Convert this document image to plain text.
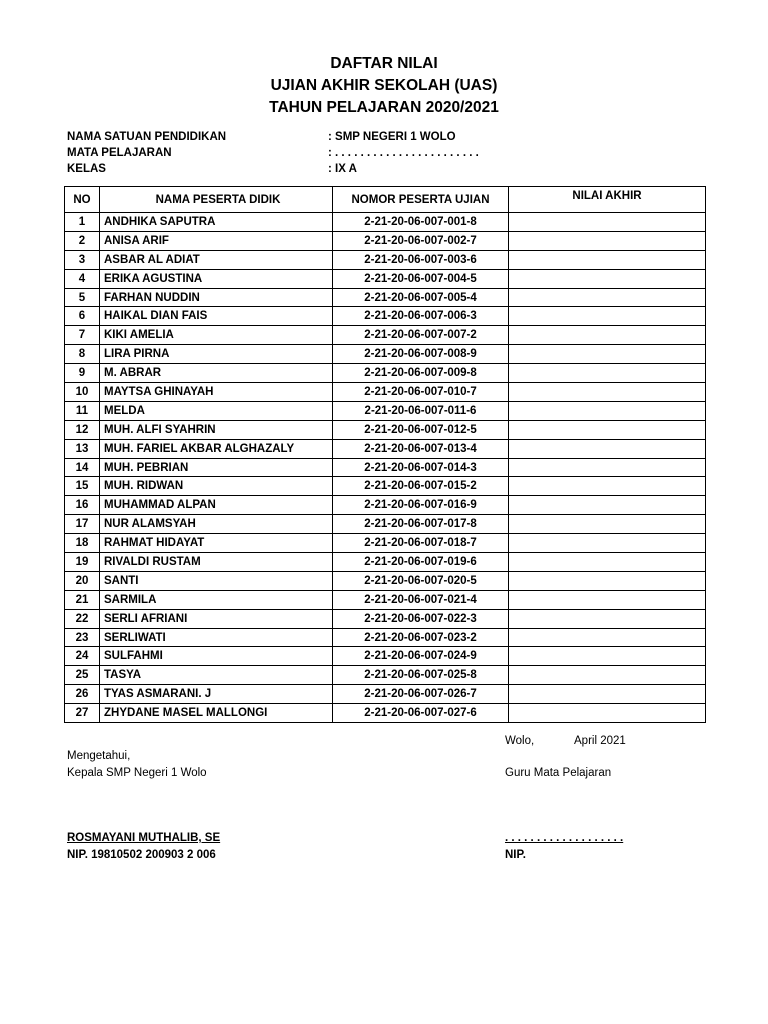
DAFTAR NILAI
UJIAN AKHIR SEKOLAH (UAS)
TAHUN PELAJARAN 2020/2021
NAMA SATUAN PENDIDIKAN	: SMP NEGERI 1 WOLO
MATA PELAJARAN	: . . . . . . . . . . . . . . . . . . . . . . .
KELAS	: IX A
NO	NAMA PESERTA DIDIK	NOMOR PESERTA UJIAN	NILAI AKHIR
1	ANDHIKA SAPUTRA	2-21-20-06-007-001-8	
2	ANISA ARIF	2-21-20-06-007-002-7	
3	ASBAR AL ADIAT	2-21-20-06-007-003-6	
4	ERIKA AGUSTINA	2-21-20-06-007-004-5	
5	FARHAN NUDDIN	2-21-20-06-007-005-4	
6	HAIKAL DIAN FAIS	2-21-20-06-007-006-3	
7	KIKI AMELIA	2-21-20-06-007-007-2	
8	LIRA PIRNA	2-21-20-06-007-008-9	
9	M. ABRAR	2-21-20-06-007-009-8	
10	MAYTSA GHINAYAH	2-21-20-06-007-010-7	
11	MELDA	2-21-20-06-007-011-6	
12	MUH. ALFI SYAHRIN	2-21-20-06-007-012-5	
13	MUH. FARIEL AKBAR ALGHAZALY	2-21-20-06-007-013-4	
14	MUH. PEBRIAN	2-21-20-06-007-014-3	
15	MUH. RIDWAN	2-21-20-06-007-015-2	
16	MUHAMMAD ALPAN	2-21-20-06-007-016-9	
17	NUR ALAMSYAH	2-21-20-06-007-017-8	
18	RAHMAT HIDAYAT	2-21-20-06-007-018-7	
19	RIVALDI RUSTAM	2-21-20-06-007-019-6	
20	SANTI	2-21-20-06-007-020-5	
21	SARMILA	2-21-20-06-007-021-4	
22	SERLI AFRIANI	2-21-20-06-007-022-3	
23	SERLIWATI	2-21-20-06-007-023-2	
24	SULFAHMI	2-21-20-06-007-024-9	
25	TASYA	2-21-20-06-007-025-8	
26	TYAS ASMARANI. J	2-21-20-06-007-026-7	
27	ZHYDANE MASEL MALLONGI	2-21-20-06-007-027-6	
Wolo,	April 2021
Mengetahui,
Kepala SMP Negeri 1 Wolo	Guru Mata Pelajaran
ROSMAYANI MUTHALIB, SE
NIP. 19810502 200903 2 006
. . . . . . . . . . . . . . . . . . .
NIP.
